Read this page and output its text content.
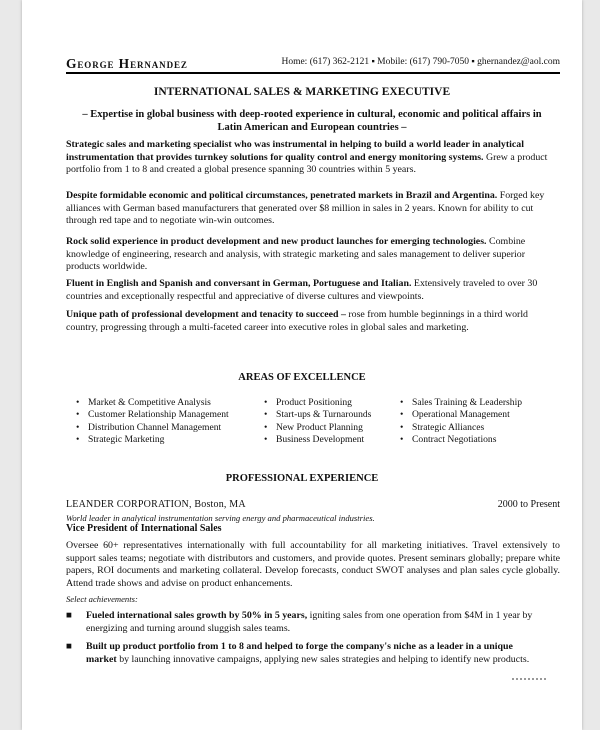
George Hernandez	Home: (617) 362-2121 ▪ Mobile: (617) 790-7050 ▪ ghernandez@aol.com
INTERNATIONAL SALES & MARKETING EXECUTIVE
– Expertise in global business with deep-rooted experience in cultural, economic and political affairs in Latin American and European countries –
Strategic sales and marketing specialist who was instrumental in helping to build a world leader in analytical instrumentation that provides turnkey solutions for quality control and energy monitoring systems. Grew a product portfolio from 1 to 8 and created a global presence spanning 30 countries within 5 years.
Despite formidable economic and political circumstances, penetrated markets in Brazil and Argentina. Forged key alliances with German based manufacturers that generated over $8 million in sales in 2 years. Known for ability to cut through red tape and to negotiate win-win outcomes.
Rock solid experience in product development and new product launches for emerging technologies. Combine knowledge of engineering, research and analysis, with strategic marketing and sales management to deliver superior products worldwide.
Fluent in English and Spanish and conversant in German, Portuguese and Italian. Extensively traveled to over 30 countries and exceptionally respectful and appreciative of diverse cultures and viewpoints.
Unique path of professional development and tenacity to succeed – rose from humble beginnings in a third world country, progressing through a multi-faceted career into executive roles in global sales and marketing.
AREAS OF EXCELLENCE
• Market & Competitive Analysis
• Customer Relationship Management
• Distribution Channel Management
• Strategic Marketing
• Product Positioning
• Start-ups & Turnarounds
• New Product Planning
• Business Development
• Sales Training & Leadership
• Operational Management
• Strategic Alliances
• Contract Negotiations
PROFESSIONAL EXPERIENCE
LEANDER CORPORATION, Boston, MA	2000 to Present
World leader in analytical instrumentation serving energy and pharmaceutical industries.
Vice President of International Sales
Oversee 60+ representatives internationally with full accountability for all marketing initiatives. Travel extensively to support sales teams; negotiate with distributors and customers, and provide quotes. Present seminars globally; prepare white papers, ROI documents and marketing collateral. Develop forecasts, conduct SWOT analyses and plan sales cycle globally. Attend trade shows and advise on product enhancements.
Select achievements:
■ Fueled international sales growth by 50% in 5 years, igniting sales from one operation from $4M in 1 year by energizing and turning around sluggish sales teams.
■ Built up product portfolio from 1 to 8 and helped to forge the company's niche as a leader in a unique market by launching innovative campaigns, applying new sales strategies and helping to identify new products.
